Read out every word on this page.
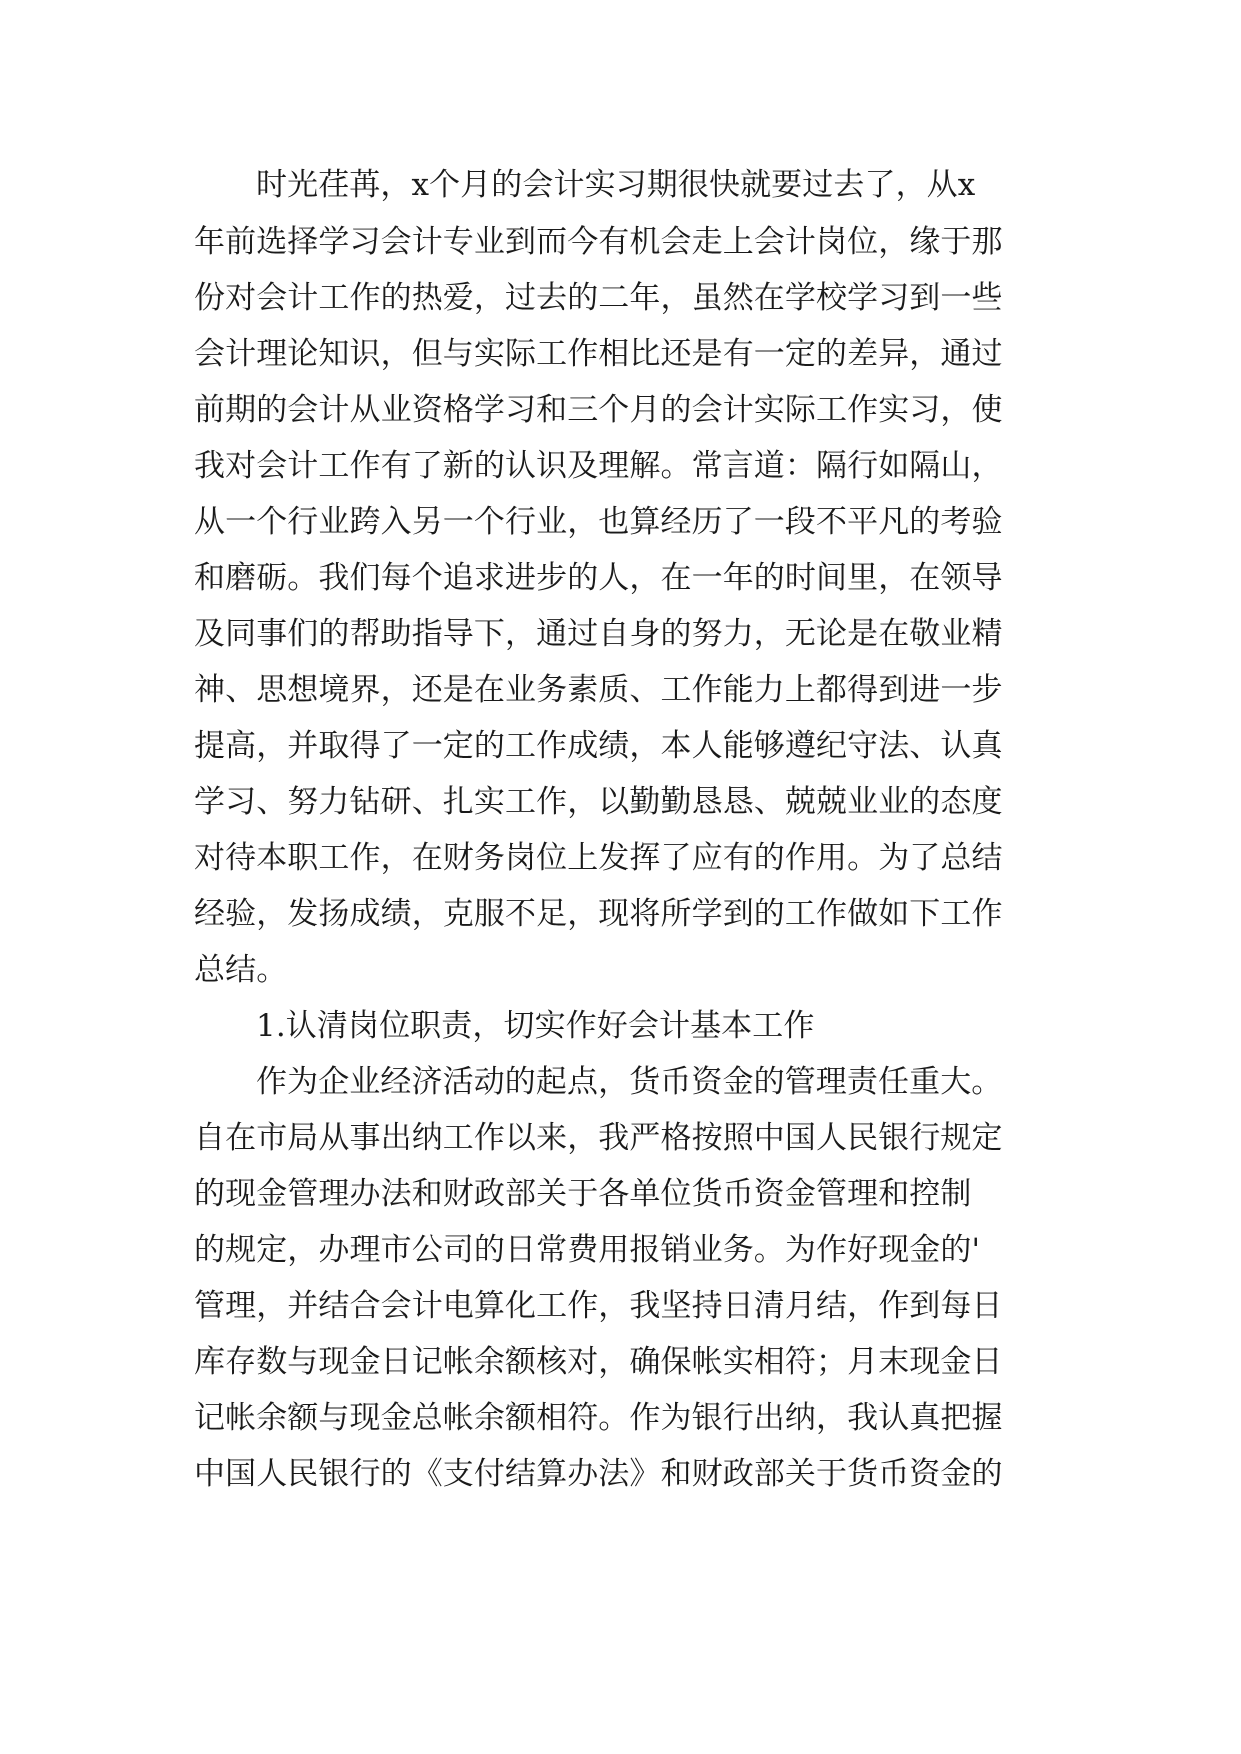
时光荏苒，x个月的会计实习期很快就要过去了，从x
年前选择学习会计专业到而今有机会走上会计岗位，缘于那
份对会计工作的热爱，过去的二年，虽然在学校学习到一些
会计理论知识，但与实际工作相比还是有一定的差异，通过
前期的会计从业资格学习和三个月的会计实际工作实习，使
我对会计工作有了新的认识及理解。常言道：隔行如隔山，
从一个行业跨入另一个行业，也算经历了一段不平凡的考验
和磨砺。我们每个追求进步的人，在一年的时间里，在领导
及同事们的帮助指导下，通过自身的努力，无论是在敬业精
神、思想境界，还是在业务素质、工作能力上都得到进一步
提高，并取得了一定的工作成绩，本人能够遵纪守法、认真
学习、努力钻研、扎实工作，以勤勤恳恳、兢兢业业的态度
对待本职工作，在财务岗位上发挥了应有的作用。为了总结
经验，发扬成绩，克服不足，现将所学到的工作做如下工作
总结。
1.认清岗位职责，切实作好会计基本工作
作为企业经济活动的起点，货币资金的管理责任重大。
自在市局从事出纳工作以来，我严格按照中国人民银行规定
的现金管理办法和财政部关于各单位货币资金管理和控制
的规定，办理市公司的日常费用报销业务。为作好现金的'
管理，并结合会计电算化工作，我坚持日清月结，作到每日
库存数与现金日记帐余额核对，确保帐实相符；月末现金日
记帐余额与现金总帐余额相符。作为银行出纳，我认真把握
中国人民银行的《支付结算办法》和财政部关于货币资金的
